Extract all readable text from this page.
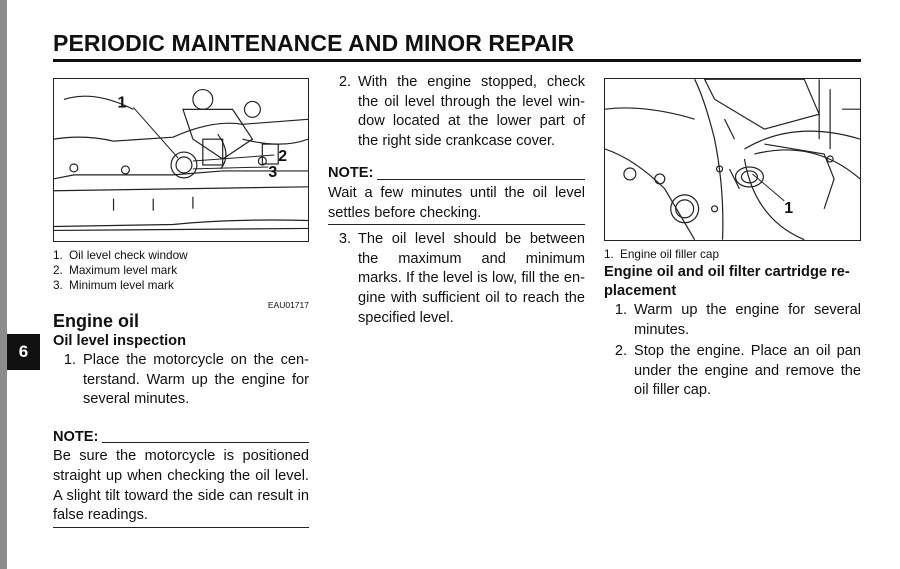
6
PERIODIC MAINTENANCE AND MINOR REPAIR
1
2
3
1. Oil level check window
2. Maximum level mark
3. Minimum level mark
EAU01717
Engine oil
Oil level inspection
1. Place the motorcycle on the cen-terstand. Warm up the engine for several minutes.
NOTE:
Be sure the motorcycle is positioned straight up when checking the oil level. A slight tilt toward the side can result in false readings.
2. With the engine stopped, check the oil level through the level win-dow located at the lower part of the right side crankcase cover.
NOTE:
Wait a few minutes until the oil level settles before checking.
3. The oil level should be between the maximum and minimum marks. If the level is low, fill the en-gine with sufficient oil to reach the specified level.
1
1. Engine oil filler cap
Engine oil and oil filter cartridge re-placement
1. Warm up the engine for several minutes.
2. Stop the engine. Place an oil pan under the engine and remove the oil filler cap.
